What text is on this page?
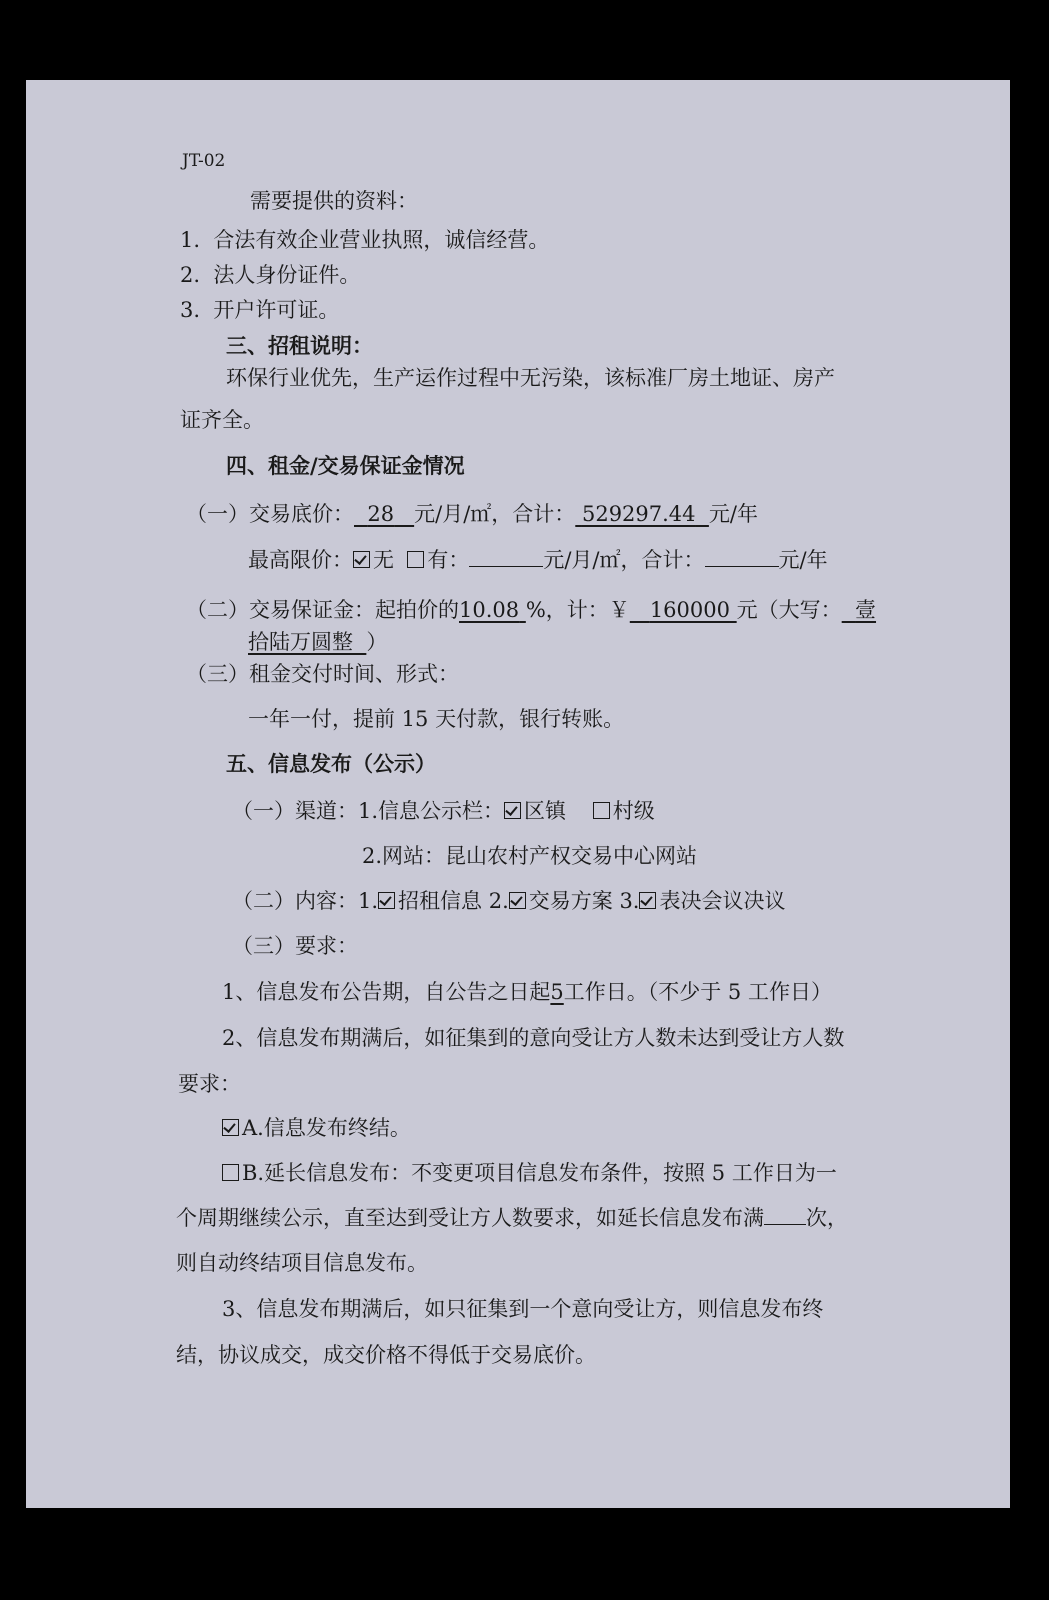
JT-02
需要提供的资料：
1. 合法有效企业营业执照，诚信经营。
2. 法人身份证件。
3. 开户许可证。
三、招租说明：
环保行业优先，生产运作过程中无污染，该标准厂房土地证、房产
证齐全。
四、租金/交易保证金情况
（一）交易底价： 28 元/月/㎡，合计： 529297.44 元/年
最高限价： 无 有：	元/月/㎡，合计：	元/年
（二）交易保证金：起拍价的10.08 %，计：￥ 160000 元（大写： 壹
拾陆万圆整 ）
（三）租金交付时间、形式：
一年一付，提前 15 天付款，银行转账。
五、信息发布（公示）
（一）渠道：1.信息公示栏： 区镇 村级
2.网站：昆山农村产权交易中心网站
（二）内容：1. 招租信息 2. 交易方案 3. 表决会议决议
（三）要求：
1、信息发布公告期，自公告之日起5工作日。（不少于 5 工作日）
2、信息发布期满后，如征集到的意向受让方人数未达到受让方人数
要求：
A.信息发布终结。
B.延长信息发布：不变更项目信息发布条件，按照 5 工作日为一
个周期继续公示，直至达到受让方人数要求，如延长信息发布满 次，
则自动终结项目信息发布。
3、信息发布期满后，如只征集到一个意向受让方，则信息发布终
结，协议成交，成交价格不得低于交易底价。
